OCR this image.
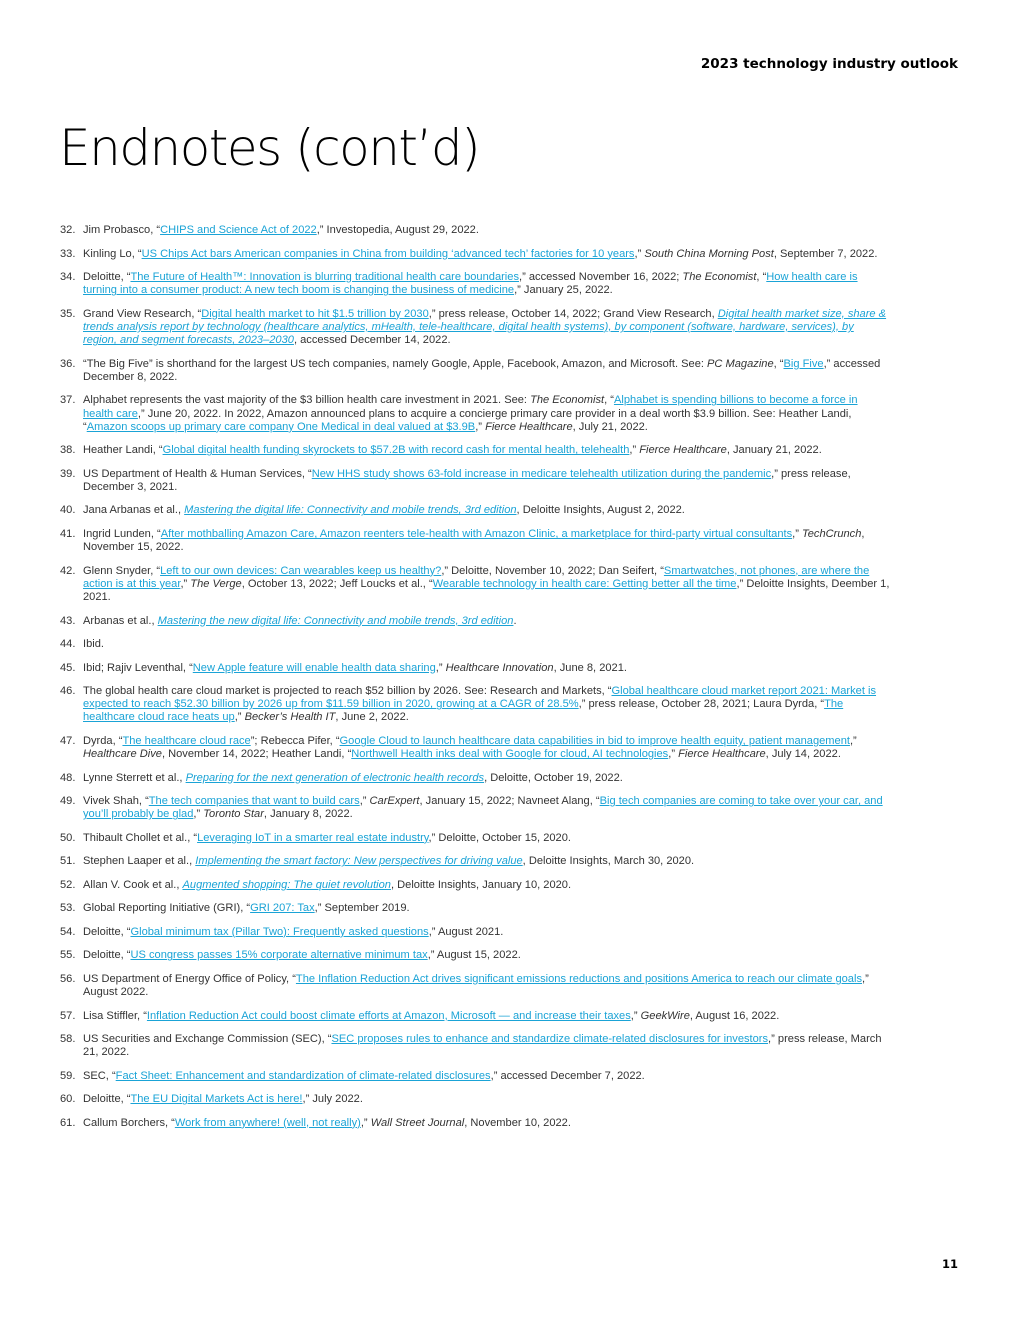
2023 technology industry outlook
Endnotes (cont’d)
32. Jim Probasco, “CHIPS and Science Act of 2022,” Investopedia, August 29, 2022.
33. Kinling Lo, “US Chips Act bars American companies in China from building ‘advanced tech’ factories for 10 years,” South China Morning Post, September 7, 2022.
34. Deloitte, “The Future of Health™: Innovation is blurring traditional health care boundaries,” accessed November 16, 2022; The Economist, “How health care is turning into a consumer product: A new tech boom is changing the business of medicine,” January 25, 2022.
35. Grand View Research, “Digital health market to hit $1.5 trillion by 2030,” press release, October 14, 2022; Grand View Research, Digital health market size, share & trends analysis report by technology (healthcare analytics, mHealth, tele-healthcare, digital health systems), by component (software, hardware, services), by region, and segment forecasts, 2023–2030, accessed December 14, 2022.
36. “The Big Five” is shorthand for the largest US tech companies, namely Google, Apple, Facebook, Amazon, and Microsoft. See: PC Magazine, “Big Five,” accessed December 8, 2022.
37. Alphabet represents the vast majority of the $3 billion health care investment in 2021. See: The Economist, “Alphabet is spending billions to become a force in health care,” June 20, 2022. In 2022, Amazon announced plans to acquire a concierge primary care provider in a deal worth $3.9 billion. See: Heather Landi, “Amazon scoops up primary care company One Medical in deal valued at $3.9B,” Fierce Healthcare, July 21, 2022.
38. Heather Landi, “Global digital health funding skyrockets to $57.2B with record cash for mental health, telehealth,” Fierce Healthcare, January 21, 2022.
39. US Department of Health & Human Services, “New HHS study shows 63-fold increase in medicare telehealth utilization during the pandemic,” press release, December 3, 2021.
40. Jana Arbanas et al., Mastering the digital life: Connectivity and mobile trends, 3rd edition, Deloitte Insights, August 2, 2022.
41. Ingrid Lunden, “After mothballing Amazon Care, Amazon reenters tele-health with Amazon Clinic, a marketplace for third-party virtual consultants,” TechCrunch, November 15, 2022.
42. Glenn Snyder, “Left to our own devices: Can wearables keep us healthy?,” Deloitte, November 10, 2022; Dan Seifert, “Smartwatches, not phones, are where the action is at this year,” The Verge, October 13, 2022; Jeff Loucks et al., “Wearable technology in health care: Getting better all the time,” Deloitte Insights, Deember 1, 2021.
43. Arbanas et al., Mastering the new digital life: Connectivity and mobile trends, 3rd edition.
44. Ibid.
45. Ibid; Rajiv Leventhal, “New Apple feature will enable health data sharing,” Healthcare Innovation, June 8, 2021.
46. The global health care cloud market is projected to reach $52 billion by 2026. See: Research and Markets, “Global healthcare cloud market report 2021: Market is expected to reach $52.30 billion by 2026 up from $11.59 billion in 2020, growing at a CAGR of 28.5%,” press release, October 28, 2021; Laura Dyrda, “The healthcare cloud race heats up,” Becker’s Health IT, June 2, 2022.
47. Dyrda, “The healthcare cloud race”; Rebecca Pifer, “Google Cloud to launch healthcare data capabilities in bid to improve health equity, patient management,” Healthcare Dive, November 14, 2022; Heather Landi, “Northwell Health inks deal with Google for cloud, AI technologies,” Fierce Healthcare, July 14, 2022.
48. Lynne Sterrett et al., Preparing for the next generation of electronic health records, Deloitte, October 19, 2022.
49. Vivek Shah, “The tech companies that want to build cars,” CarExpert, January 15, 2022; Navneet Alang, “Big tech companies are coming to take over your car, and you’ll probably be glad,” Toronto Star, January 8, 2022.
50. Thibault Chollet et al., “Leveraging IoT in a smarter real estate industry,” Deloitte, October 15, 2020.
51. Stephen Laaper et al., Implementing the smart factory: New perspectives for driving value, Deloitte Insights, March 30, 2020.
52. Allan V. Cook et al., Augmented shopping: The quiet revolution, Deloitte Insights, January 10, 2020.
53. Global Reporting Initiative (GRI), “GRI 207: Tax,” September 2019.
54. Deloitte, “Global minimum tax (Pillar Two): Frequently asked questions,” August 2021.
55. Deloitte, “US congress passes 15% corporate alternative minimum tax,” August 15, 2022.
56. US Department of Energy Office of Policy, “The Inflation Reduction Act drives significant emissions reductions and positions America to reach our climate goals,” August 2022.
57. Lisa Stiffler, “Inflation Reduction Act could boost climate efforts at Amazon, Microsoft — and increase their taxes,” GeekWire, August 16, 2022.
58. US Securities and Exchange Commission (SEC), “SEC proposes rules to enhance and standardize climate-related disclosures for investors,” press release, March 21, 2022.
59. SEC, “Fact Sheet: Enhancement and standardization of climate-related disclosures,” accessed December 7, 2022.
60. Deloitte, “The EU Digital Markets Act is here!,” July 2022.
61. Callum Borchers, “Work from anywhere! (well, not really),” Wall Street Journal, November 10, 2022.
11
